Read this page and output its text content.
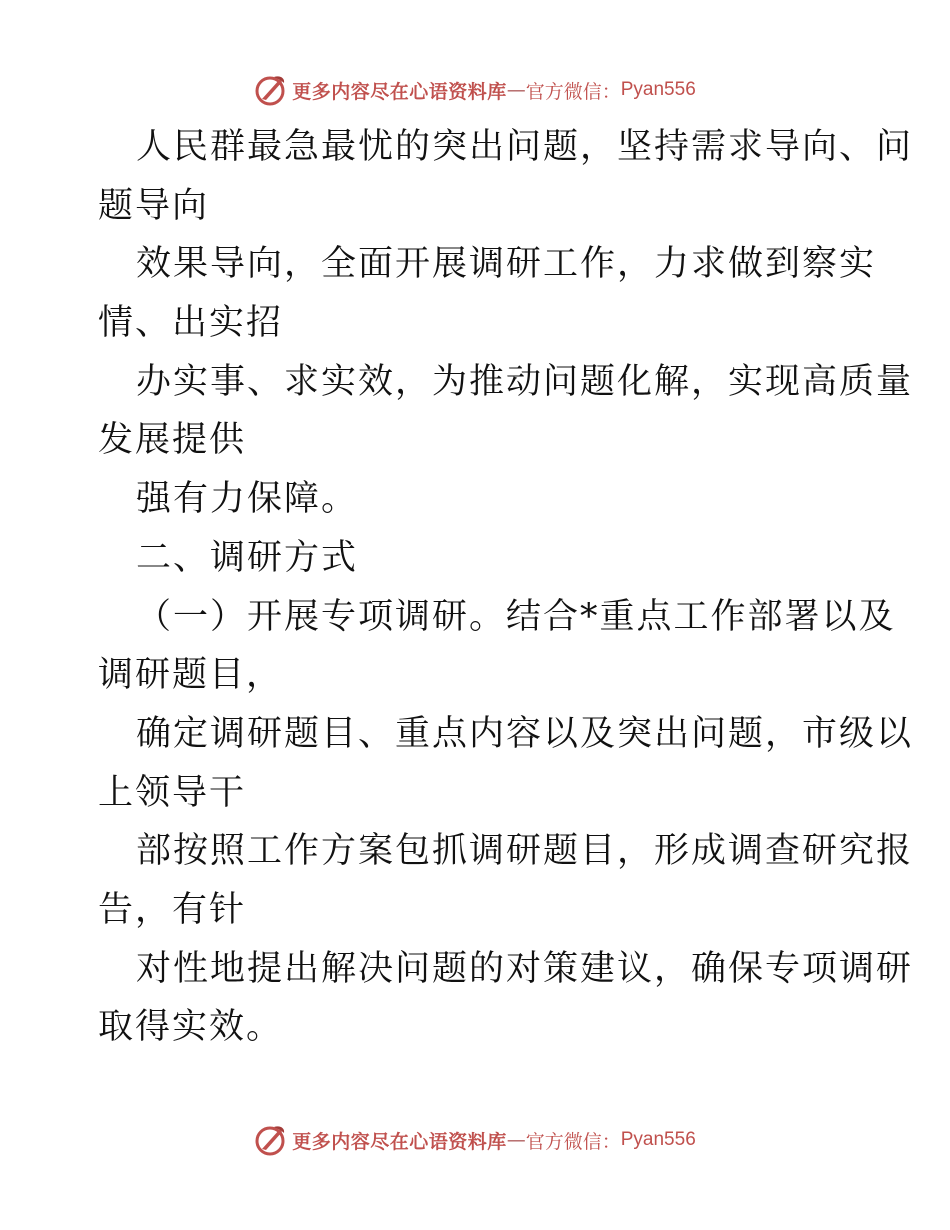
更多内容尽在心语资料库 — 官方微信： Pyan556
人民群最急最忧的突出问题，坚持需求导向、问
题导向
效果导向，全面开展调研工作，力求做到察实
情、出实招
办实事、求实效，为推动问题化解，实现高质量
发展提供
强有力保障。
二、调研方式
（一）开展专项调研。结合*重点工作部署以及
调研题目，
确定调研题目、重点内容以及突出问题，市级以
上领导干
部按照工作方案包抓调研题目，形成调查研究报
告，有针
对性地提出解决问题的对策建议，确保专项调研
取得实效。
更多内容尽在心语资料库 — 官方微信： Pyan556
